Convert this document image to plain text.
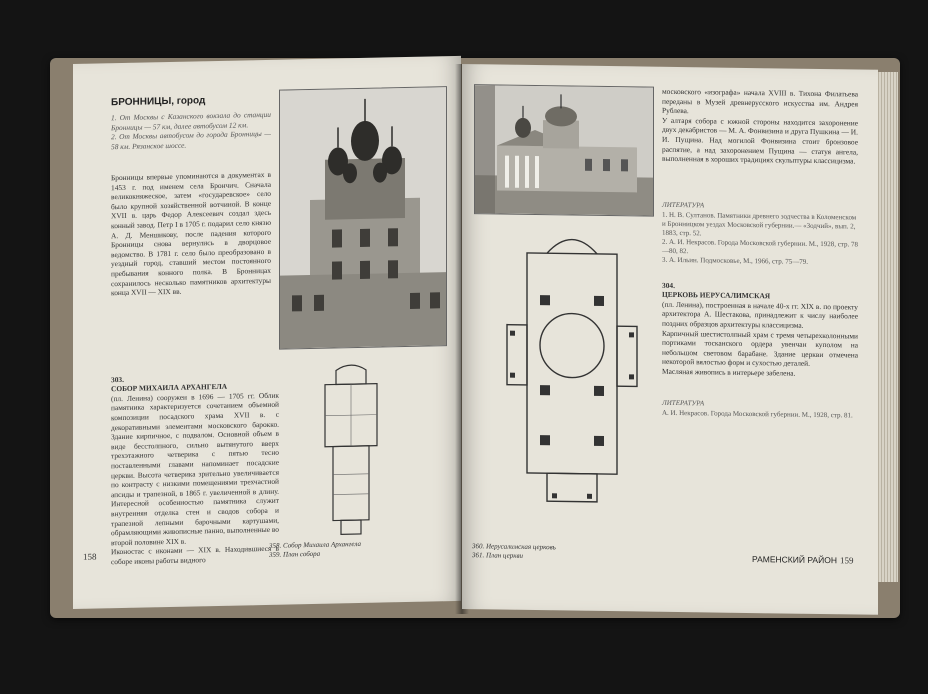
БРОННИЦЫ, город
1. От Москвы с Казанского вокзала до станции Бронницы — 57 км, далее автобусом 12 км.
2. От Москвы автобусом до города Бронницы — 58 км. Рязанское шоссе.
Бронницы впервые упоминаются в документах в 1453 г. под именем села Брончич. Сначала великокняжеское, затем «государевское» село было крупной хозяйственной вотчиной. В конце XVII в. царь Федор Алексеевич создал здесь конный завод. Петр I в 1705 г. подарил село князю А. Д. Меншикову, после падения которого Бронницы снова вернулись в дворцовое ведомство. В 1781 г. село было преобразовано в уездный город, ставший местом постоянного пребывания конного полка. В Бронницах сохранилось несколько памятников архитектуры конца XVII — XIX вв.

303.
СОБОР МИХАИЛА АРХАНГЕЛА
(пл. Ленина) сооружен в 1696 — 1705 гг. Облик памятника характеризуется сочетанием объемной композиции посадского храма XVII в. с декоративными элементами московского барокко. Здание кирпичное, с подвалом. Основной объем в виде бесстолпного, сильно вытянутого вверх трехэтажного четверика с пятью тесно поставленными главами напоминает посадские церкви. Высота четверика зрительно увеличивается по контрасту с низкими помещениями трехчастной апсиды и трапезной, в 1865 г. увеличенной в длину. Интересной особенностью памятника служит внутренняя отделка стен и сводов собора и трапезной лепными барочными картушами, обрамляющими живописные панно, выполненные во второй половине XIX в.
Иконостас с иконами — XIX в. Находившиеся в соборе иконы работы видного

158
358. Собор Михаила Архангела
359. План собора
московского «изографа» начала XVIII в. Тихона Филатьева переданы в Музей древнерусского искусства им. Андрея Рублева.
У алтаря собора с южной стороны находится захоронение двух декабристов — М. А. Фонвизина и друга Пушкина — И. И. Пущина. Над могилой Фонвизина стоит бронзовое распятие, а над захоронением Пущина — статуя ангела, выполненная в хороших традициях скульптуры классицизма.
ЛИТЕРАТУРА
1. Н. В. Султанов. Памятники древнего зодчества в Коломенском и Бронницком уездах Московской губернии.— «Зодчий», вып. 2, 1883, стр. 52.
2. А. И. Некрасов. Города Московской губернии. М., 1928, стр. 78—80, 82.
3. А. Ильин. Подмосковье, М., 1966, стр. 75—79.

304.
ЦЕРКОВЬ ИЕРУСАЛИМСКАЯ
(пл. Ленина), построенная в начале 40-х гг. XIX в. по проекту архитектора А. Шестакова, принадлежит к числу наиболее поздних образцов архитектуры классицизма.
Карпичный шестистолпный храм с тремя четырехколонными портиками тосканского ордера увенчан куполом на небольшом световом барабане. Здание церкви отмечена некоторой вялостью форм и сухостью деталей.
Масляная живопись в интерьере забелена.

ЛИТЕРАТУРА
А. И. Некрасов. Города Московской губернии. М., 1928, стр. 81.
360. Иерусалимская церковь
361. План церкви	РАМЕНСКИЙ РАЙОН 159
